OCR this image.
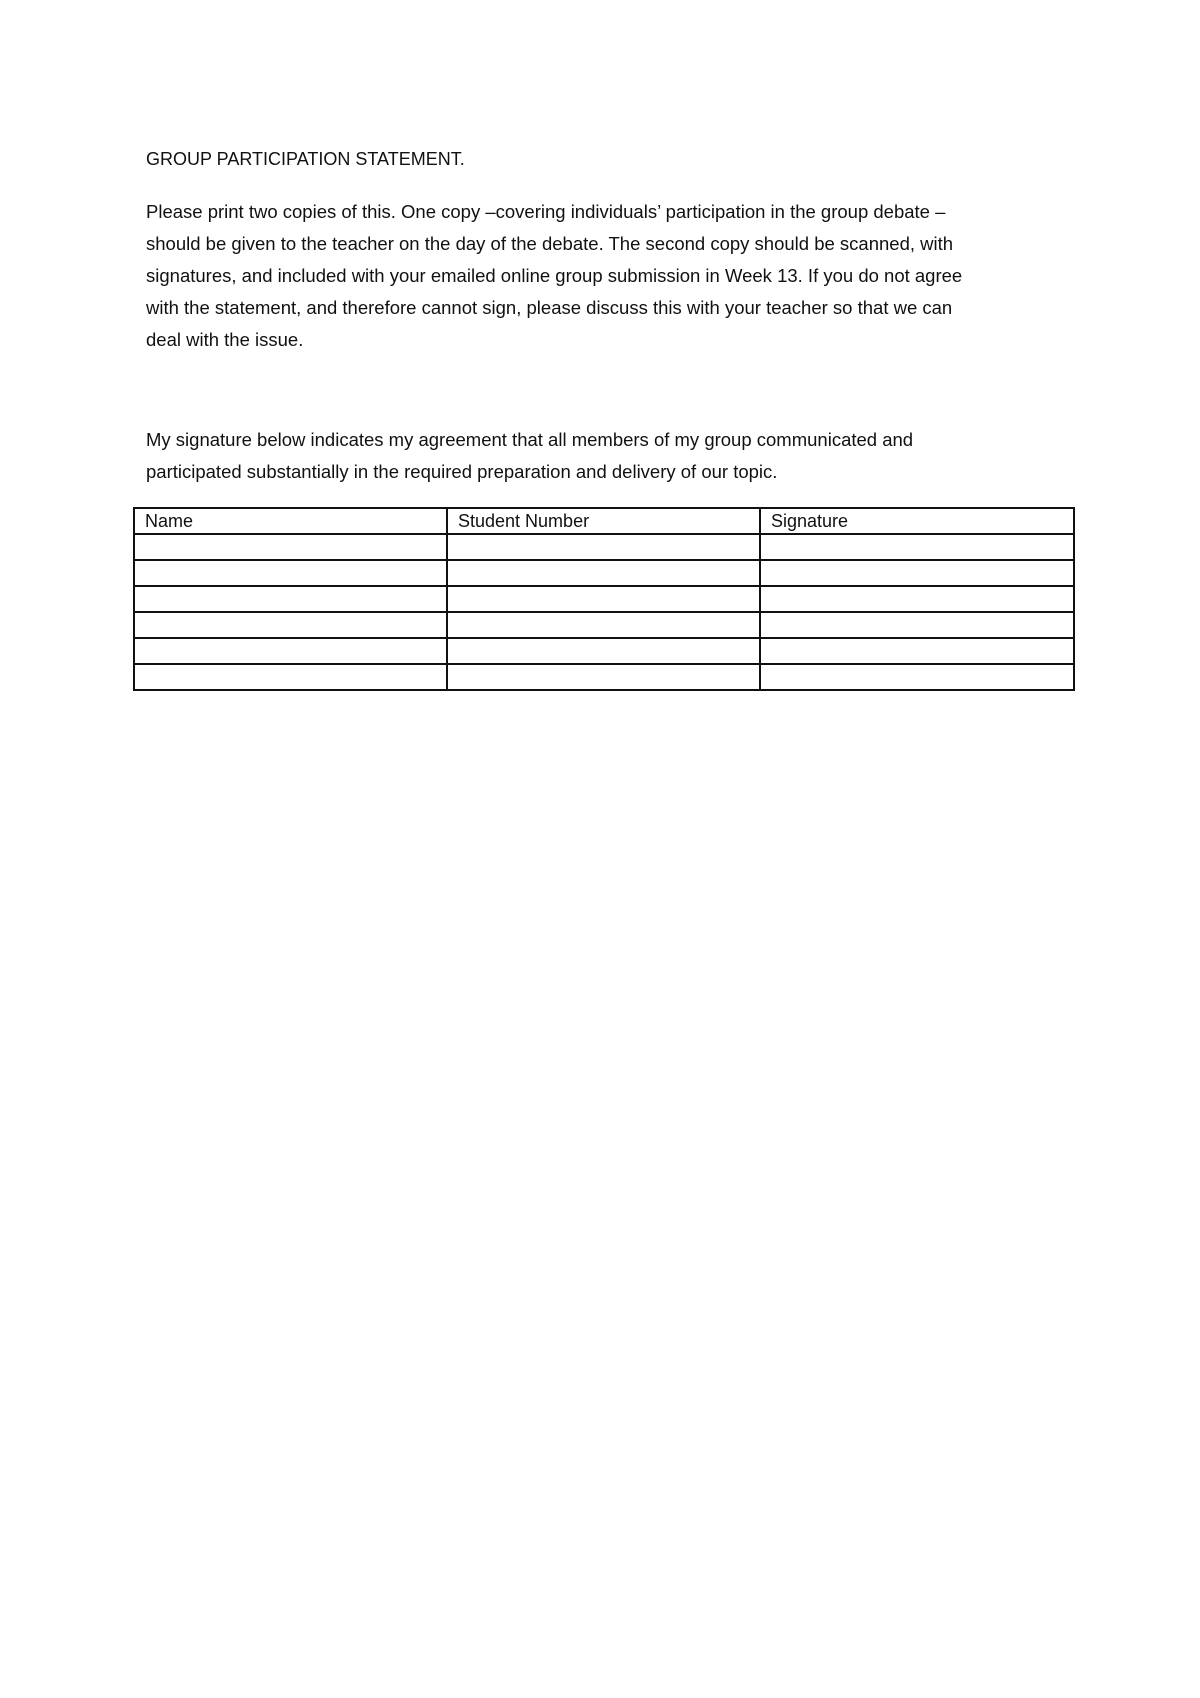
GROUP PARTICIPATION STATEMENT.
Please print two copies of this. One copy –covering individuals’ participation in the group debate –
should be given to the teacher on the day of the debate. The second copy should be scanned, with
signatures, and included with your emailed online group submission in Week 13. If you do not agree
with the statement, and therefore cannot sign, please discuss this with your teacher so that we can
deal with the issue.
My signature below indicates my agreement that all members of my group communicated and
participated substantially in the required preparation and delivery of our topic.
Name	Student Number	Signature
